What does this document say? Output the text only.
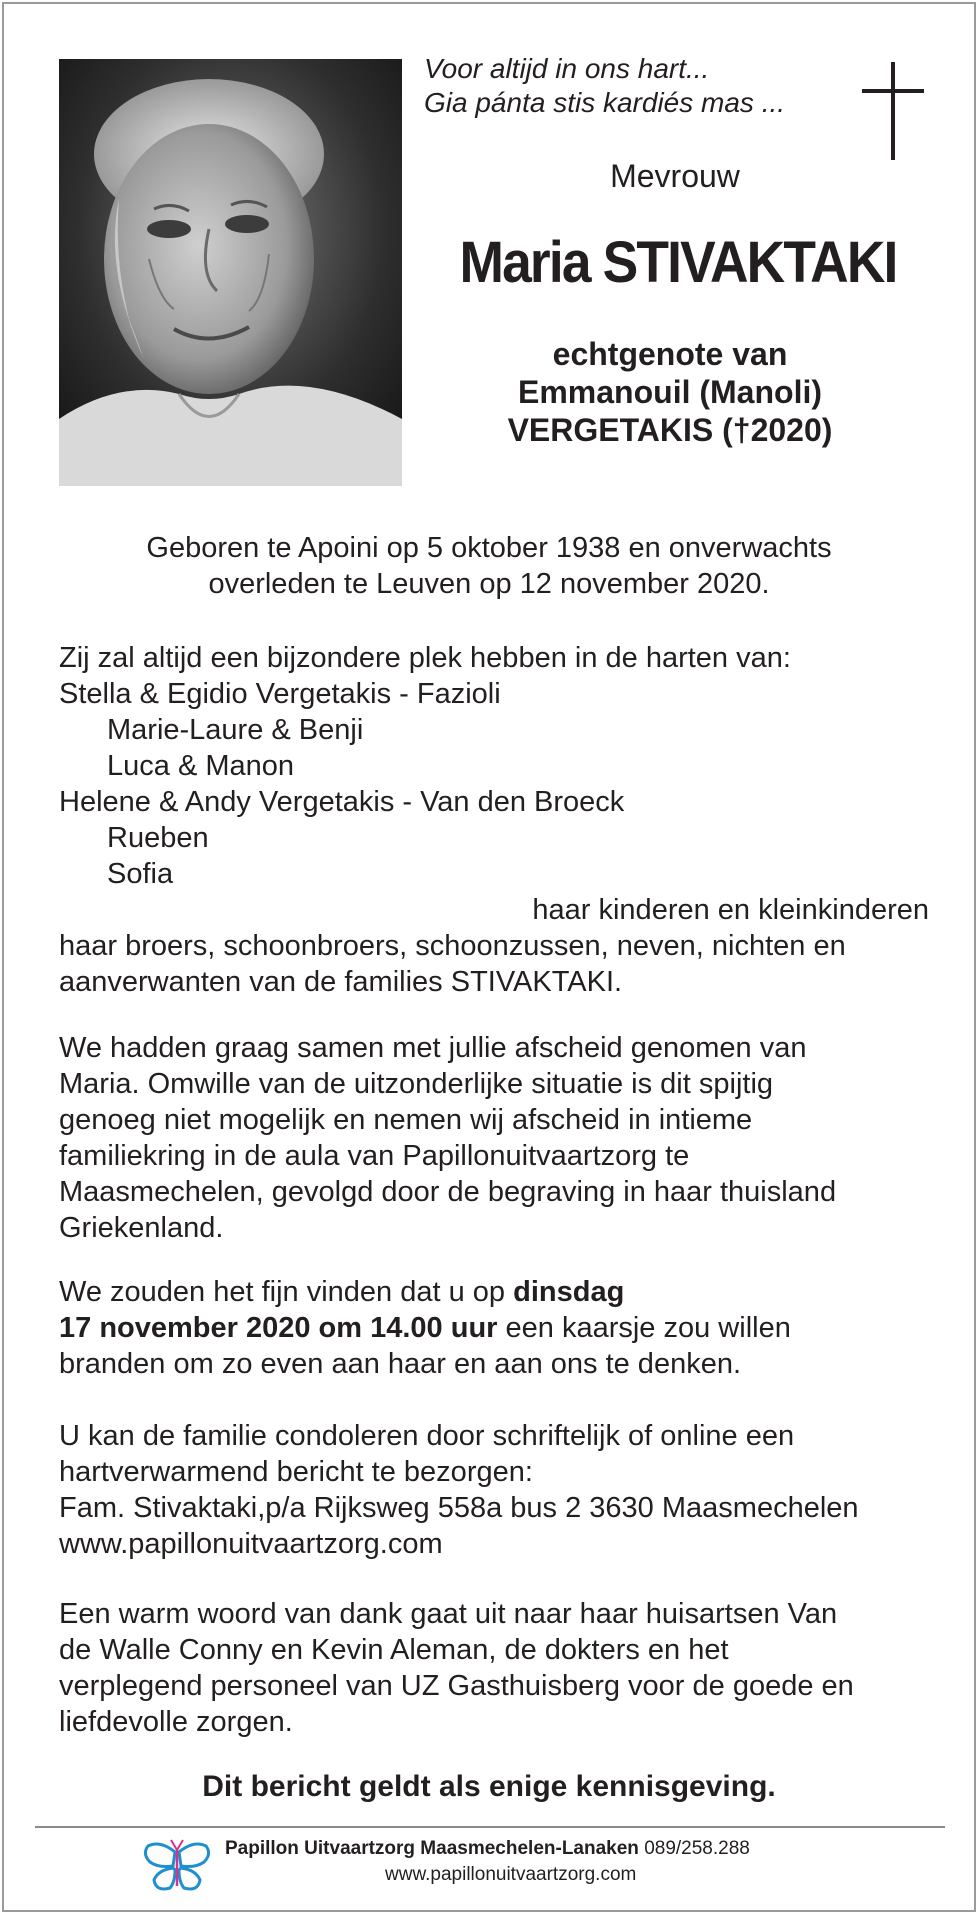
Voor altijd in ons hart...
Gia pánta stis kardiés mas ...
Mevrouw
Maria STIVAKTAKI
echtgenote van
Emmanouil (Manoli)
VERGETAKIS (†2020)
Geboren te Apoini op 5 oktober 1938 en onverwachts
overleden te Leuven op 12 november 2020.
Zij zal altijd een bijzondere plek hebben in de harten van:
Stella & Egidio Vergetakis - Fazioli
Marie-Laure & Benji
Luca & Manon
Helene & Andy Vergetakis - Van den Broeck
Rueben
Sofia
haar kinderen en kleinkinderen
haar broers, schoonbroers, schoonzussen, neven, nichten en
aanverwanten van de families STIVAKTAKI.
We hadden graag samen met jullie afscheid genomen van
Maria. Omwille van de uitzonderlijke situatie is dit spijtig
genoeg niet mogelijk en nemen wij afscheid in intieme
familiekring in de aula van Papillonuitvaartzorg te
Maasmechelen, gevolgd door de begraving in haar thuisland
Griekenland.
We zouden het fijn vinden dat u op dinsdag
17 november 2020 om 14.00 uur een kaarsje zou willen
branden om zo even aan haar en aan ons te denken.
U kan de familie condoleren door schriftelijk of online een
hartverwarmend bericht te bezorgen:
Fam. Stivaktaki,p/a Rijksweg 558a bus 2 3630 Maasmechelen
www.papillonuitvaartzorg.com
Een warm woord van dank gaat uit naar haar huisartsen Van
de Walle Conny en Kevin Aleman, de dokters en het
verplegend personeel van UZ Gasthuisberg voor de goede en
liefdevolle zorgen.
Dit bericht geldt als enige kennisgeving.
Papillon Uitvaartzorg Maasmechelen-Lanaken 089/258.288
www.papillonuitvaartzorg.com
